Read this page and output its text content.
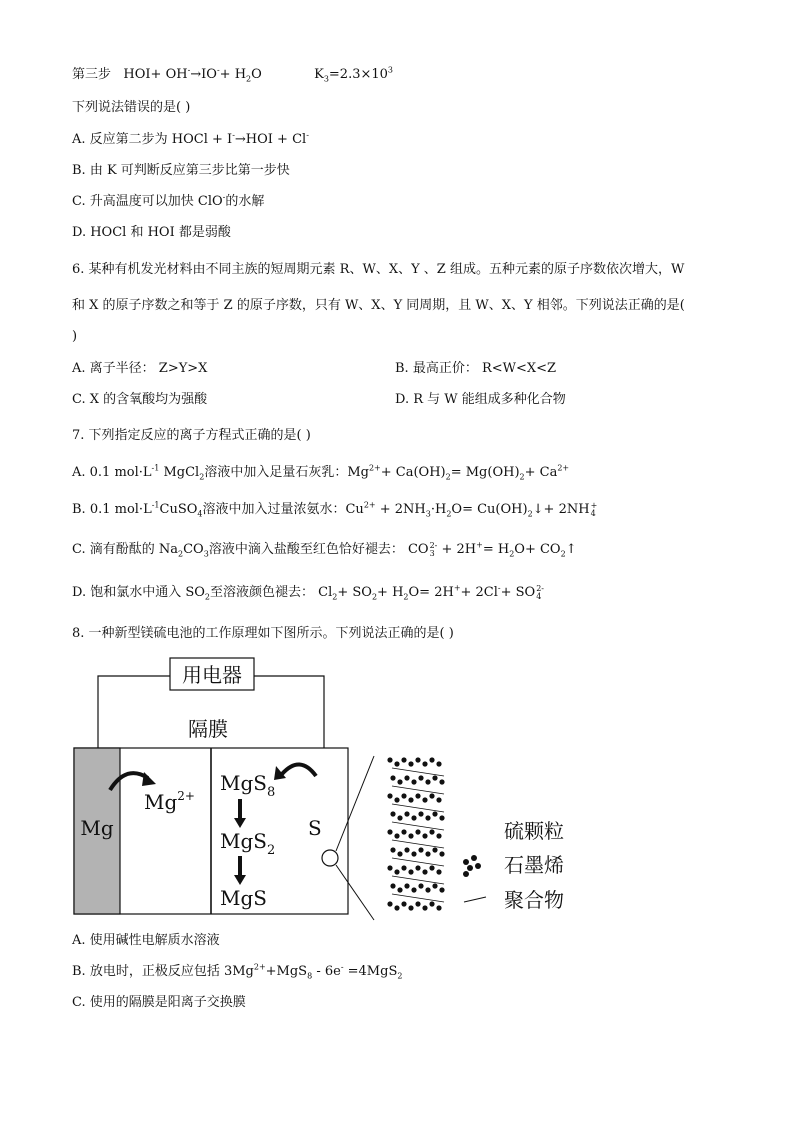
第三步 $HOI+ OH^-\to IO^-+ H_2O$	$K_3=2.3\times 10^3$
下列说法错误的是( )
A. 反应第二步为 HOCl + I-→HOI + Cl-
B. 由 K 可判断反应第三步比第一步快
C. 升高温度可以加快 ClO-的水解
D. HOCl 和 HOI 都是弱酸
6. 某种有机发光材料由不同主族的短周期元素 R、W、X、Y 、Z 组成。五种元素的原子序数依次增大，W
和 X 的原子序数之和等于 Z 的原子序数，只有 W、X、Y 同周期，且 W、X、Y 相邻。下列说法正确的是(
)
A. 离子半径： Z>Y>X	B. 最高正价： R<W<X<Z
C. X 的含氧酸均为强酸	D. R 与 W 能组成多种化合物
7. 下列指定反应的离子方程式正确的是( )
A. 0.1 $mol\cdot L^{-1}$ MgCl$_2$溶液中加入足量石灰乳：$Mg^{2+}+ Ca(OH)_2= Mg(OH)_2+ Ca^{2+}$
B. 0.1 $mol\cdot L^{-1}CuSO_4$溶液中加入过量浓氨水：$Cu^{2+} + 2NH_3\cdot H_2O=$ $Cu(OH)_2↓+ 2NH$ +
4
C. 滴有酚酞的 $Na_2CO_3$溶液中滴入盐酸至红色恰好褪去： CO 2-
$3 + 2H^+= H_2O+$ $CO_2↑$
D. 饱和氯水中通入 $SO_2$至溶液颜色褪去： $Cl_2+ SO_2+ H_2O= 2H^++ 2Cl^-+$ SO 2-
4
8. 一种新型镁硫电池的工作原理如下图所示。下列说法正确的是( )
用电器
隔膜
Mg
$Mg^{2+}$
MgS$_8$
MgS$_2$
MgS
S	硫颗粒
石墨烯
聚合物
A. 使用碱性电解质水溶液
B. 放电时，正极反应包括 $3Mg^{2+}+MgS_8 - 6e^- =4MgS_2$
C. 使用的隔膜是阳离子交换膜
